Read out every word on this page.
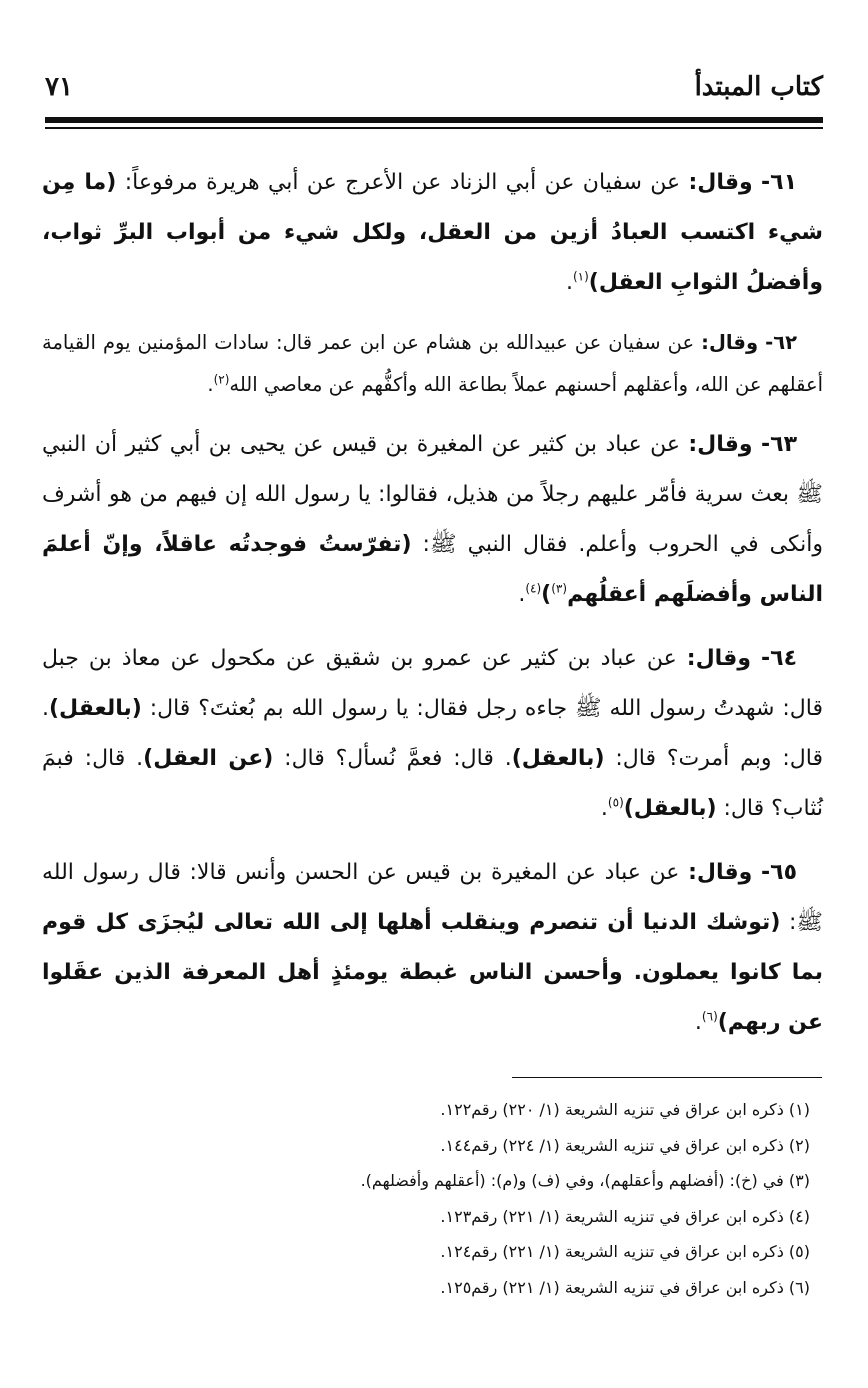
كتاب المبتدأ
٧١

٦١- وقال: عن سفيان عن أبي الزناد عن الأعرج عن أبي هريرة مرفوعاً: (ما مِن شيء اكتسب العبادُ أزين من العقل، ولكل شيء من أبواب البرِّ ثواب، وأفضلُ الثوابِ العقل)$^{(١)}$.

٦٢- وقال: عن سفيان عن عبيدالله بن هشام عن ابن عمر قال: سادات المؤمنين يوم القيامة أعقلهم عن الله، وأعقلهم أحسنهم عملاً بطاعة الله وأكفُّهم عن معاصي الله$^{(٢)}$.

٦٣- وقال: عن عباد بن كثير عن المغيرة بن قيس عن يحيى بن أبي كثير أن النبي ﷺ بعث سرية فأمّر عليهم رجلاً من هذيل، فقالوا: يا رسول الله إن فيهم من هو أشرف وأنكى في الحروب وأعلم. فقال النبي ﷺ: (تفرّستُ فوجدتُه عاقلاً، وإنّ أعلمَ الناس وأفضلَهم أعقلُهم$^{(٣)}$)$^{(٤)}$.

٦٤- وقال: عن عباد بن كثير عن عمرو بن شقيق عن مكحول عن معاذ بن جبل قال: شهدتُ رسول الله ﷺ جاءه رجل فقال: يا رسول الله بم بُعثتَ؟ قال: (بالعقل). قال: وبم أمرت؟ قال: (بالعقل). قال: فعمَّ نُسأل؟ قال: (عن العقل). قال: فبمَ نُثاب؟ قال: (بالعقل)$^{(٥)}$.

٦٥- وقال: عن عباد عن المغيرة بن قيس عن الحسن وأنس قالا: قال رسول الله ﷺ: (توشك الدنيا أن تنصرم وينقلب أهلها إلى الله تعالى ليُجزَى كل قوم بما كانوا يعملون. وأحسن الناس غبطة يومئذٍ أهل المعرفة الذين عقَلوا عن ربهم)$^{(٦)}$.

(١) ذكره ابن عراق في تنزيه الشريعة (١/ ٢٢٠) رقم١٢٢.
(٢) ذكره ابن عراق في تنزيه الشريعة (١/ ٢٢٤) رقم١٤٤.
(٣) في (خ): (أفضلهم وأعقلهم)، وفي (ف) و(م): (أعقلهم وأفضلهم).
(٤) ذكره ابن عراق في تنزيه الشريعة (١/ ٢٢١) رقم١٢٣.
(٥) ذكره ابن عراق في تنزيه الشريعة (١/ ٢٢١) رقم١٢٤.
(٦) ذكره ابن عراق في تنزيه الشريعة (١/ ٢٢١) رقم١٢٥.
